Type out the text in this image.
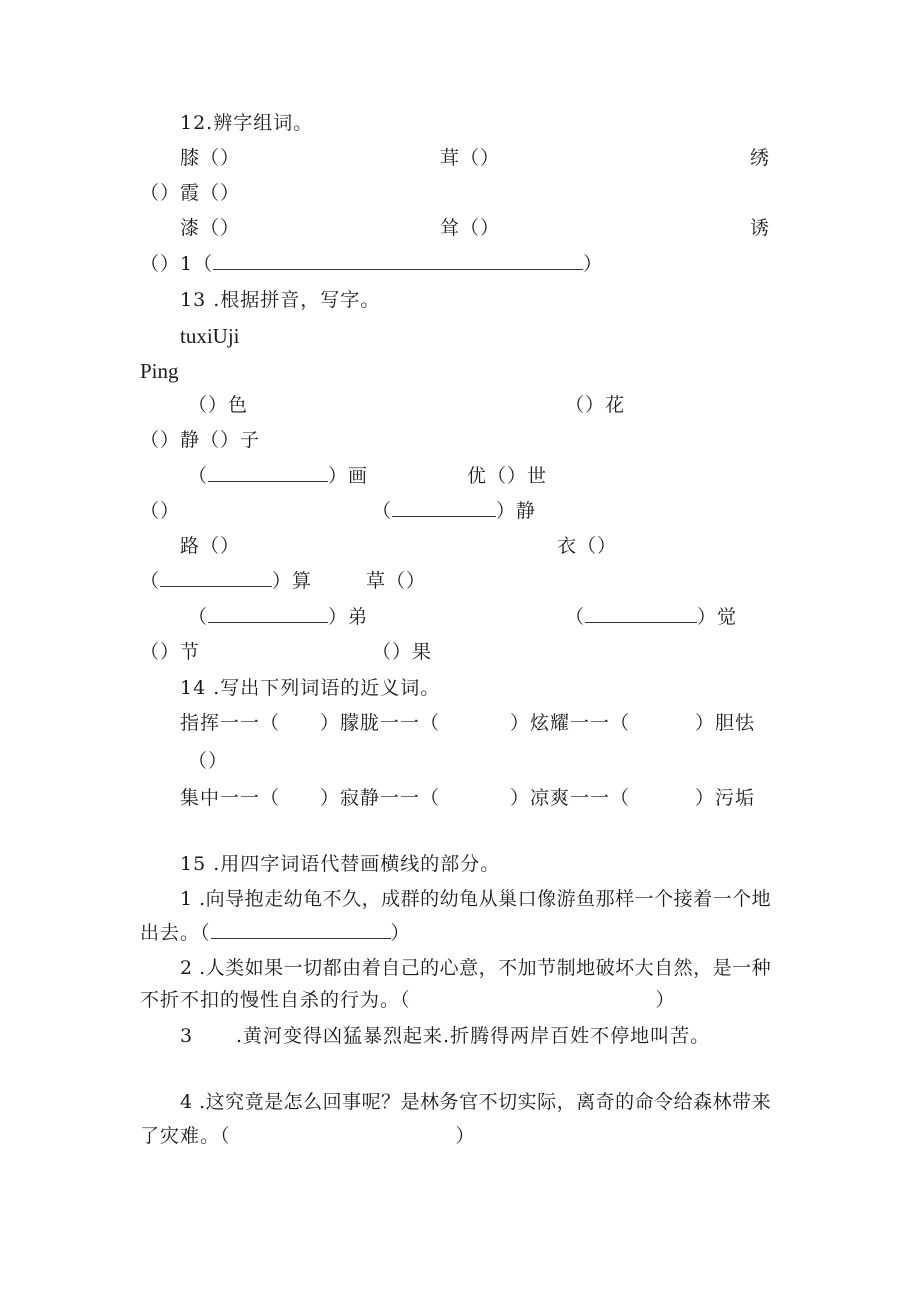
12.辨字组词。
膝（）	茸（）	绣
（）霞（）
漆（）	耸（）	诱
（）1（	）
13 .根据拼音，写字。
tuxiUji
Ping
（）色	（）花
（）静（）子
（	）画	优（）世
（）	（	）静
路（）	衣（）
（	）算	草（）
（	）弟	（	）觉
（）节	（）果
14 .写出下列词语的近义词。
指挥一一（ ）朦胧一一（	）炫耀一一（	）胆怯
（）
集中一一（ ）寂静一一（	）凉爽一一（	）污垢
15 .用四字词语代替画横线的部分。
1 .向导抱走幼龟不久，成群的幼龟从巢口像游鱼那样一个接着一个地
出去。（	）
2 .人类如果一切都由着自己的心意，不加节制地破坏大自然，是一种
不折不扣的慢性自杀的行为。（	）
3 .黄河变得凶猛暴烈起来.折腾得两岸百姓不停地叫苦。
4 .这究竟是怎么回事呢？是林务官不切实际，离奇的命令给森林带来
了灾难。（	）
